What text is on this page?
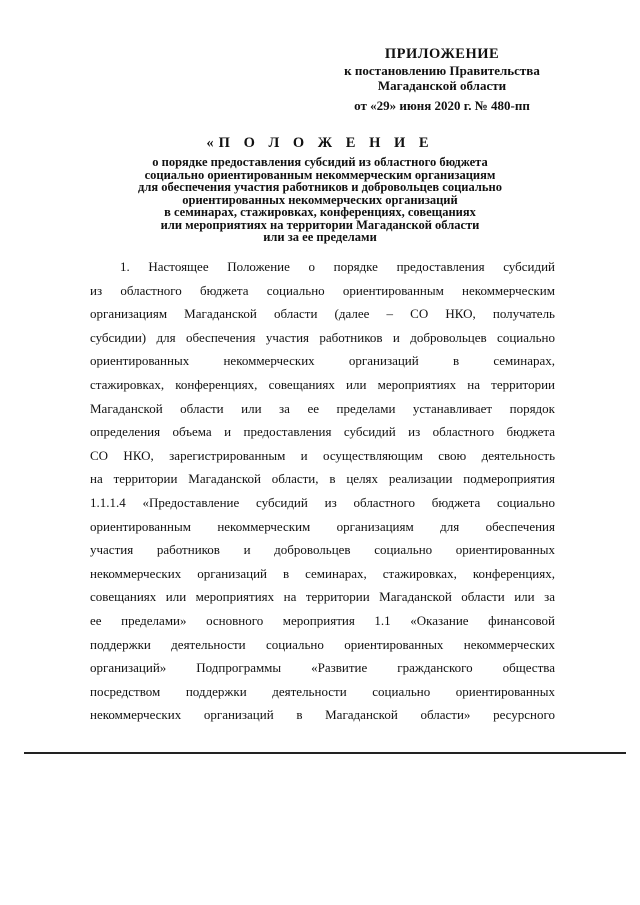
ПРИЛОЖЕНИЕ
к постановлению Правительства
Магаданской области
от «29» июня 2020 г. № 480-пп
«П О Л О Ж Е Н И Е
о порядке предоставления субсидий из областного бюджета
социально ориентированным некоммерческим организациям
для обеспечения участия работников и добровольцев социально
ориентированных некоммерческих организаций
в семинарах, стажировках, конференциях, совещаниях
или мероприятиях на территории Магаданской области
или за ее пределами
1. Настоящее Положение о порядке предоставления субсидий
из областного бюджета социально ориентированным некоммерческим
организациям Магаданской области (далее – СО НКО, получатель
субсидии) для обеспечения участия работников и добровольцев социально
ориентированных некоммерческих организаций в семинарах,
стажировках, конференциях, совещаниях или мероприятиях на территории
Магаданской области или за ее пределами устанавливает порядок
определения объема и предоставления субсидий из областного бюджета
СО НКО, зарегистрированным и осуществляющим свою деятельность
на территории Магаданской области, в целях реализации подмероприятия
1.1.1.4 «Предоставление субсидий из областного бюджета социально
ориентированным некоммерческим организациям для обеспечения
участия работников и добровольцев социально ориентированных
некоммерческих организаций в семинарах, стажировках, конференциях,
совещаниях или мероприятиях на территории Магаданской области или за
ее пределами» основного мероприятия 1.1 «Оказание финансовой
поддержки деятельности социально ориентированных некоммерческих
организаций» Подпрограммы «Развитие гражданского общества
посредством поддержки деятельности социально ориентированных
некоммерческих организаций в Магаданской области» ресурсного
